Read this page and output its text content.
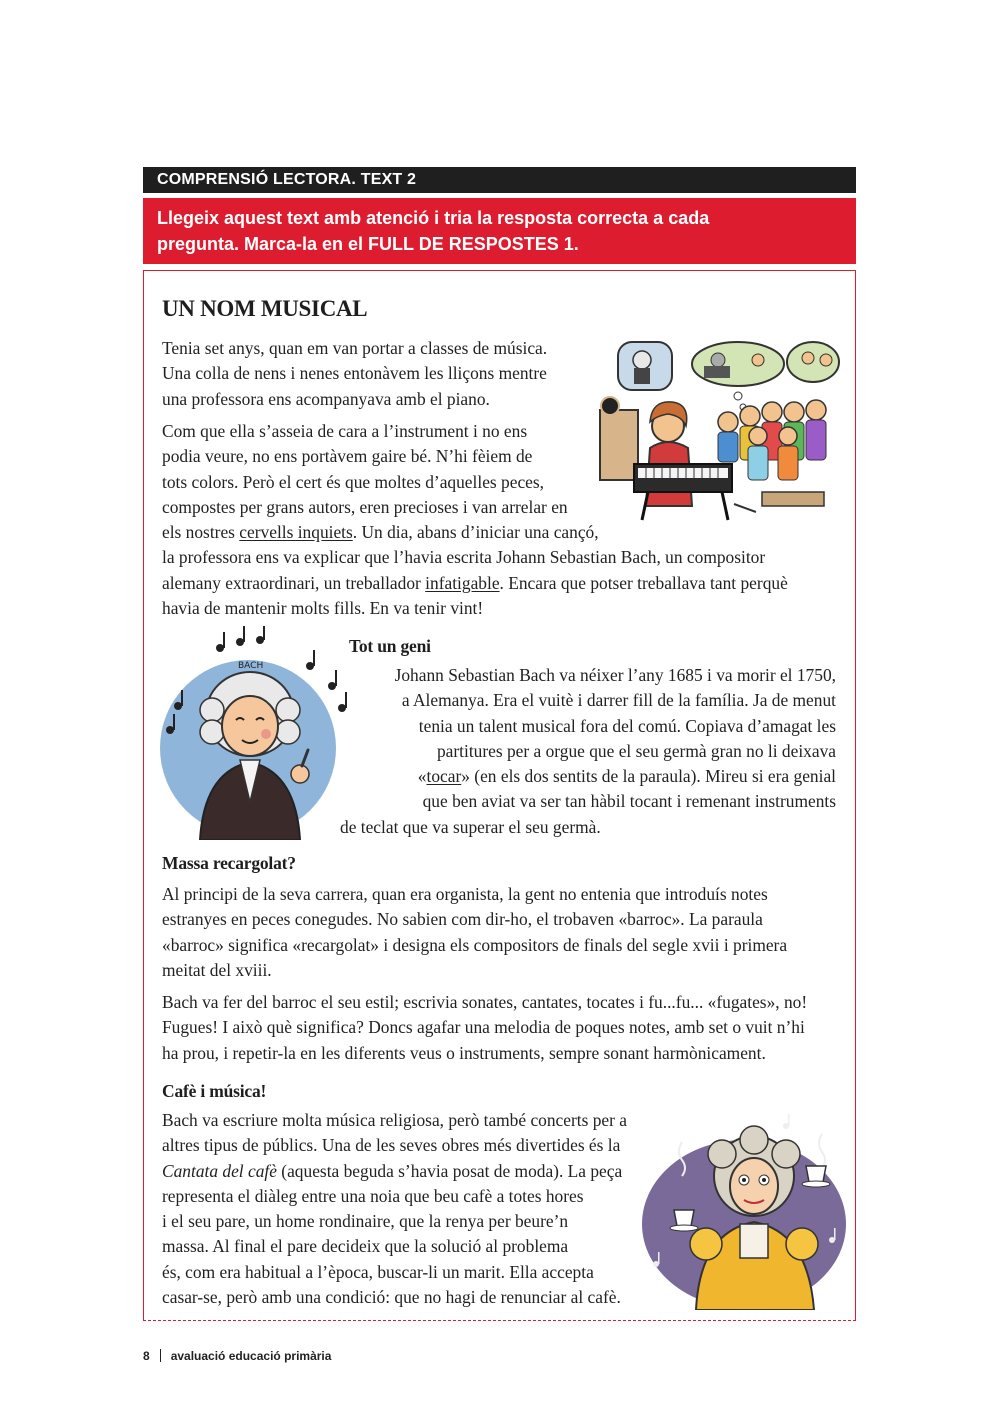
COMPRENSIÓ LECTORA. TEXT 2
Llegeix aquest text amb atenció i tria la resposta correcta a cada
pregunta. Marca-la en el FULL DE RESPOSTES 1.
UN NOM MUSICAL
Tenia set anys, quan em van portar a classes de música.
Una colla de nens i nenes entonàvem les lliçons mentre
una professora ens acompanyava amb el piano.
Com que ella s’asseia de cara a l’instrument i no ens
podia veure, no ens portàvem gaire bé. N’hi fèiem de
tots colors. Però el cert és que moltes d’aquelles peces,
compostes per grans autors, eren precioses i van arrelar en
els nostres cervells inquiets. Un dia, abans d’iniciar una cançó,
la professora ens va explicar que l’havia escrita Johann Sebastian Bach, un compositor
alemany extraordinari, un treballador infatigable. Encara que potser treballava tant perquè
havia de mantenir molts fills. En va tenir vint!
Tot un geni
BACH	Johann Sebastian Bach va néixer l’any 1685 i va morir el 1750,
a Alemanya. Era el vuitè i darrer fill de la família. Ja de menut
tenia un talent musical fora del comú. Copiava d’amagat les
partitures per a orgue que el seu germà gran no li deixava
«tocar» (en els dos sentits de la paraula). Mireu si era genial
que ben aviat va ser tan hàbil tocant i remenant instruments
de teclat que va superar el seu germà.
Massa recargolat?
Al principi de la seva carrera, quan era organista, la gent no entenia que introduís notes
estranyes en peces conegudes. No sabien com dir-ho, el trobaven «barroc». La paraula
«barroc» significa «recargolat» i designa els compositors de finals del segle xvii i primera
meitat del xviii.
Bach va fer del barroc el seu estil; escrivia sonates, cantates, tocates i fu...fu... «fugates», no!
Fugues! I això què significa? Doncs agafar una melodia de poques notes, amb set o vuit n’hi
ha prou, i repetir-la en les diferents veus o instruments, sempre sonant harmònicament.
Cafè i música!
Bach va escriure molta música religiosa, però també concerts per a
altres tipus de públics. Una de les seves obres més divertides és la
Cantata del cafè (aquesta beguda s’havia posat de moda). La peça
representa el diàleg entre una noia que beu cafè a totes hores
i el seu pare, un home rondinaire, que la renya per beure’n
massa. Al final el pare decideix que la solució al problema
és, com era habitual a l’època, buscar-li un marit. Ella accepta
casar-se, però amb una condició: que no hagi de renunciar al cafè.
8 avaluació educació primària
